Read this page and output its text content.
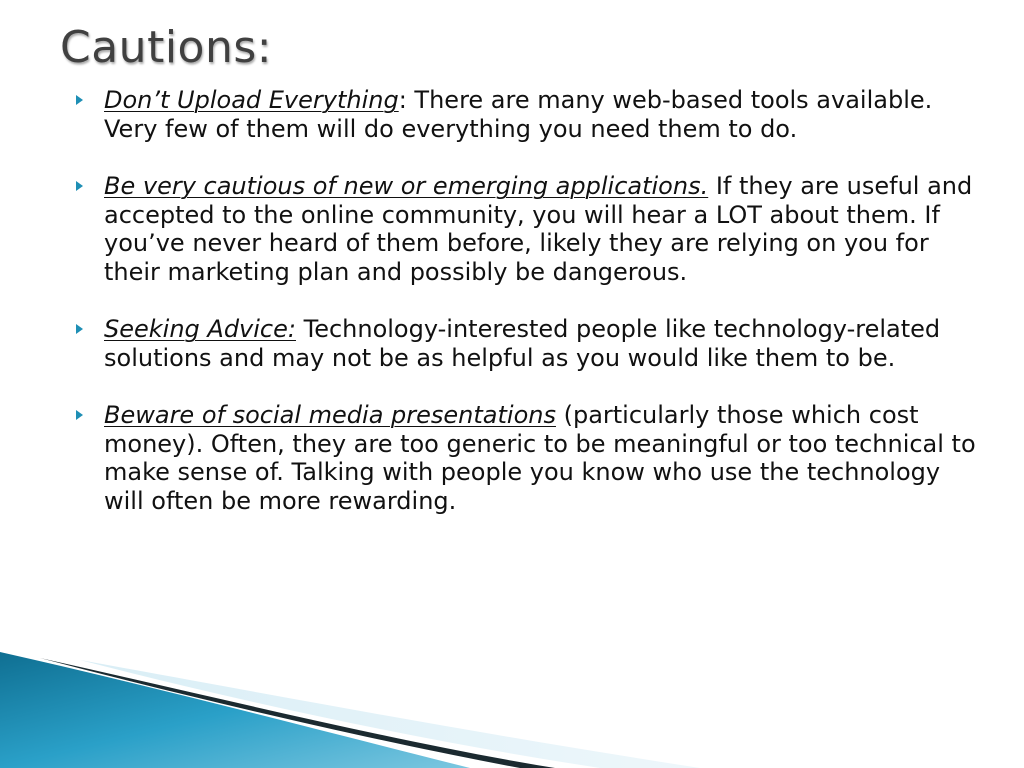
Cautions:
Don’t Upload Everything: There are many web-based tools available. Very few of them will do everything you need them to do.
Be very cautious of new or emerging applications. If they are useful and accepted to the online community, you will hear a LOT about them. If you’ve never heard of them before, likely they are relying on you for their marketing plan and possibly be dangerous.
Seeking Advice: Technology-interested people like technology-related solutions and may not be as helpful as you would like them to be.
Beware of social media presentations (particularly those which cost money). Often, they are too generic to be meaningful or too technical to make sense of. Talking with people you know who use the technology will often be more rewarding.
